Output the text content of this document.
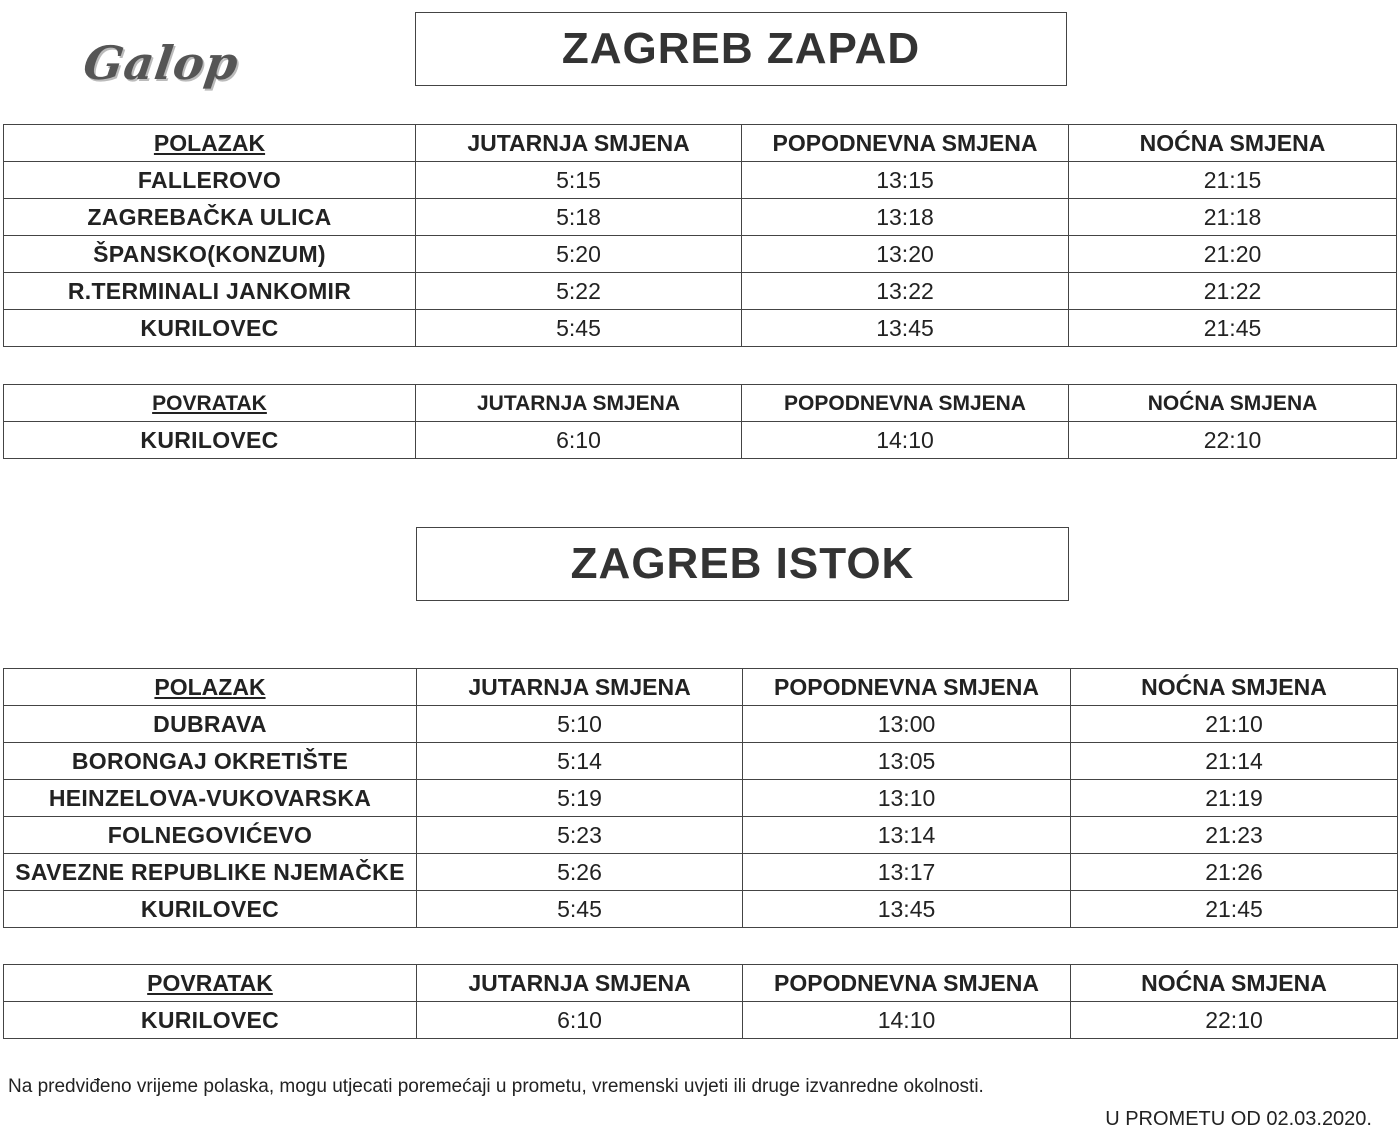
Galop	ZAGREB ZAPAD
POLAZAK	JUTARNJA SMJENA	POPODNEVNA SMJENA	NOĆNA SMJENA
FALLEROVO	5:15	13:15	21:15
ZAGREBAČKA ULICA	5:18	13:18	21:18
ŠPANSKO(KONZUM)	5:20	13:20	21:20
R.TERMINALI JANKOMIR	5:22	13:22	21:22
KURILOVEC	5:45	13:45	21:45
POVRATAK	JUTARNJA SMJENA	POPODNEVNA SMJENA	NOĆNA SMJENA
KURILOVEC	6:10	14:10	22:10
ZAGREB ISTOK
POLAZAK	JUTARNJA SMJENA	POPODNEVNA SMJENA	NOĆNA SMJENA
DUBRAVA	5:10	13:00	21:10
BORONGAJ OKRETIŠTE	5:14	13:05	21:14
HEINZELOVA-VUKOVARSKA	5:19	13:10	21:19
FOLNEGOVIĆEVO	5:23	13:14	21:23
SAVEZNE REPUBLIKE NJEMAČKE	5:26	13:17	21:26
KURILOVEC	5:45	13:45	21:45
POVRATAK	JUTARNJA SMJENA	POPODNEVNA SMJENA	NOĆNA SMJENA
KURILOVEC	6:10	14:10	22:10
Na predviđeno vrijeme polaska, mogu utjecati poremećaji u prometu, vremenski uvjeti ili druge izvanredne okolnosti.
U PROMETU OD 02.03.2020.
